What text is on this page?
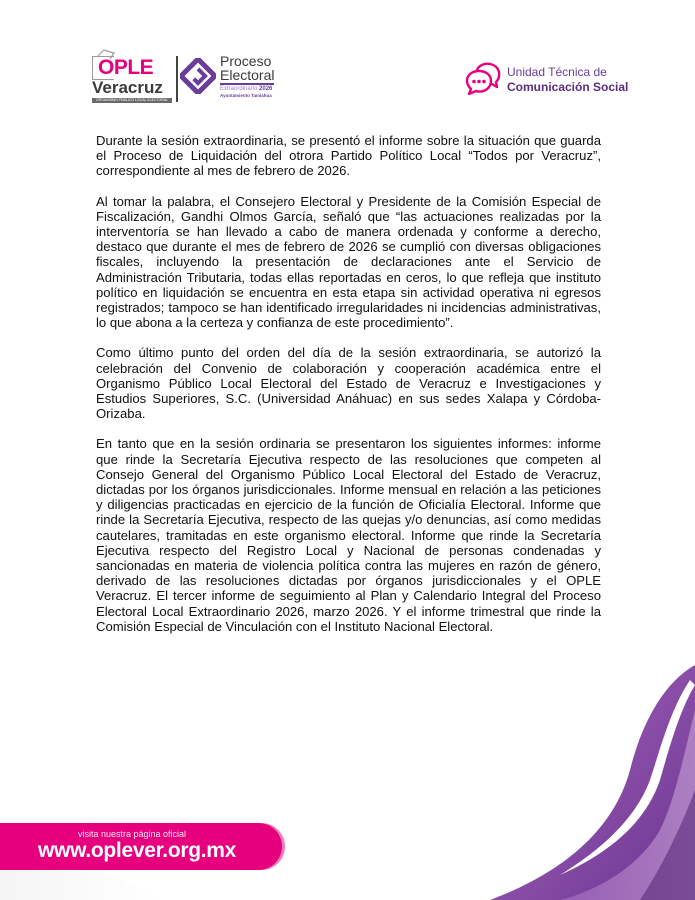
OPLE
Veracruz
ORGANISMO PÚBLICO LOCAL ELECTORAL
Proceso
Electoral
Extraordinario 2026
Ayuntamiento Tamiahua
Unidad Técnica de
Comunicación Social

Durante la sesión extraordinaria, se presentó el informe sobre la situación que guarda el Proceso de Liquidación del otrora Partido Político Local “Todos por Veracruz”, correspondiente al mes de febrero de 2026.

Al tomar la palabra, el Consejero Electoral y Presidente de la Comisión Especial de Fiscalización, Gandhi Olmos García, señaló que “las actuaciones realizadas por la interventoría se han llevado a cabo de manera ordenada y conforme a derecho, destaco que durante el mes de febrero de 2026 se cumplió con diversas obligaciones fiscales, incluyendo la presentación de declaraciones ante el Servicio de Administración Tributaria, todas ellas reportadas en ceros, lo que refleja que instituto político en liquidación se encuentra en esta etapa sin actividad operativa ni egresos registrados; tampoco se han identificado irregularidades ni incidencias administrativas, lo que abona a la certeza y confianza de este procedimiento”.

Como último punto del orden del día de la sesión extraordinaria, se autorizó la celebración del Convenio de colaboración y cooperación académica entre el Organismo Público Local Electoral del Estado de Veracruz e Investigaciones y Estudios Superiores, S.C. (Universidad Anáhuac) en sus sedes Xalapa y Córdoba-Orizaba.

En tanto que en la sesión ordinaria se presentaron los siguientes informes: informe que rinde la Secretaría Ejecutiva respecto de las resoluciones que competen al Consejo General del Organismo Público Local Electoral del Estado de Veracruz, dictadas por los órganos jurisdiccionales. Informe mensual en relación a las peticiones y diligencias practicadas en ejercicio de la función de Oficialía Electoral. Informe que rinde la Secretaría Ejecutiva, respecto de las quejas y/o denuncias, así como medidas cautelares, tramitadas en este organismo electoral. Informe que rinde la Secretaría Ejecutiva respecto del Registro Local y Nacional de personas condenadas y sancionadas en materia de violencia política contra las mujeres en razón de género, derivado de las resoluciones dictadas por órganos jurisdiccionales y el OPLE Veracruz. El tercer informe de seguimiento al Plan y Calendario Integral del Proceso Electoral Local Extraordinario 2026, marzo 2026. Y el informe trimestral que rinde la Comisión Especial de Vinculación con el Instituto Nacional Electoral.

visita nuestra página oficial
www.oplever.org.mx
